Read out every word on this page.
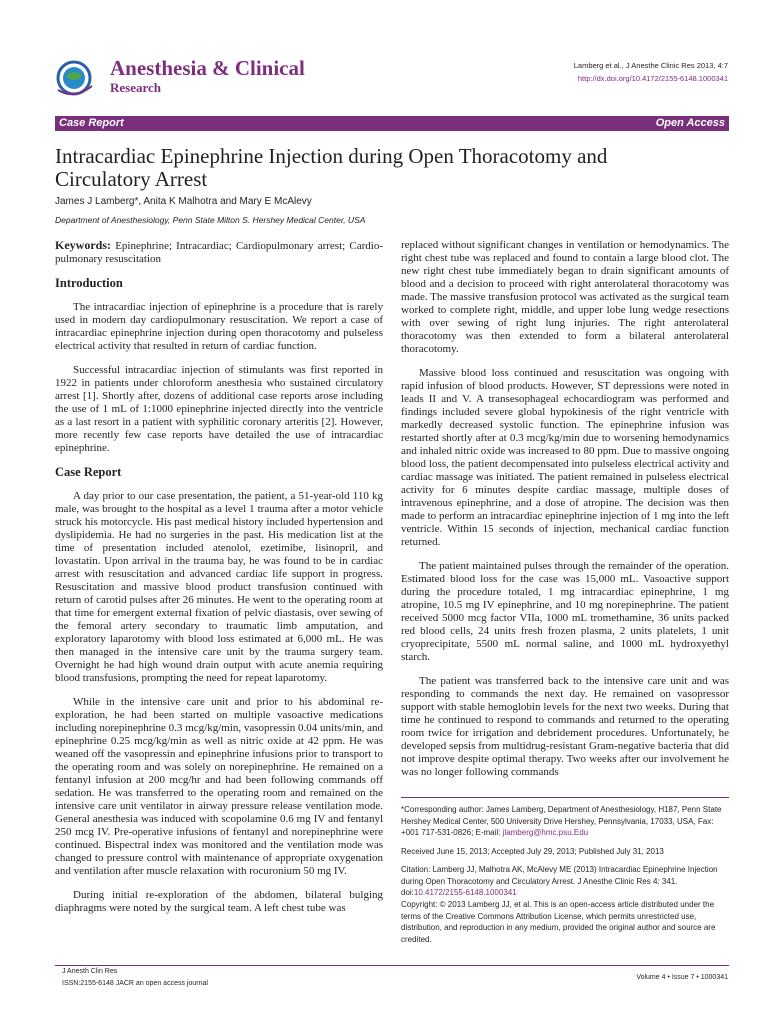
Anesthesia & Clinical
Research
Lamberg et al., J Anesthe Clinic Res 2013, 4:7
http://dx.doi.org/10.4172/2155-6148.1000341
Case Report	Open Access
Intracardiac Epinephrine Injection during Open Thoracotomy and Circulatory Arrest
James J Lamberg*, Anita K Malhotra and Mary E McAlevy
Department of Anesthesiology, Penn State Milton S. Hershey Medical Center, USA

Keywords: Epinephrine; Intracardiac; Cardiopulmonary arrest; Cardio-pulmonary resuscitation

Introduction

The intracardiac injection of epinephrine is a procedure that is rarely used in modern day cardiopulmonary resuscitation. We report a case of intracardiac epinephrine injection during open thoracotomy and pulseless electrical activity that resulted in return of cardiac function.

Successful intracardiac injection of stimulants was first reported in 1922 in patients under chloroform anesthesia who sustained circulatory arrest [1]. Shortly after, dozens of additional case reports arose including the use of 1 mL of 1:1000 epinephrine injected directly into the ventricle as a last resort in a patient with syphilitic coronary arteritis [2]. However, more recently few case reports have detailed the use of intracardiac epinephrine.

Case Report

A day prior to our case presentation, the patient, a 51-year-old 110 kg male, was brought to the hospital as a level 1 trauma after a motor vehicle struck his motorcycle. His past medical history included hypertension and dyslipidemia. He had no surgeries in the past. His medication list at the time of presentation included atenolol, ezetimibe, lisinopril, and lovastatin. Upon arrival in the trauma bay, he was found to be in cardiac arrest with resuscitation and advanced cardiac life support in progress. Resuscitation and massive blood product transfusion continued with return of carotid pulses after 26 minutes. He went to the operating room at that time for emergent external fixation of pelvic diastasis, over sewing of the femoral artery secondary to traumatic limb amputation, and exploratory laparotomy with blood loss estimated at 6,000 mL. He was then managed in the intensive care unit by the trauma surgery team. Overnight he had high wound drain output with acute anemia requiring blood transfusions, prompting the need for repeat laparotomy.

While in the intensive care unit and prior to his abdominal re-exploration, he had been started on multiple vasoactive medications including norepinephrine 0.3 mcg/kg/min, vasopressin 0.04 units/min, and epinephrine 0.25 mcg/kg/min as well as nitric oxide at 42 ppm. He was weaned off the vasopressin and epinephrine infusions prior to transport to the operating room and was solely on norepinephrine. He remained on a fentanyl infusion at 200 mcg/hr and had been following commands off sedation. He was transferred to the operating room and remained on the intensive care unit ventilator in airway pressure release ventilation mode. General anesthesia was induced with scopolamine 0.6 mg IV and fentanyl 250 mcg IV. Pre-operative infusions of fentanyl and norepinephrine were continued. Bispectral index was monitored and the ventilation mode was changed to pressure control with maintenance of appropriate oxygenation and ventilation after muscle relaxation with rocuronium 50 mg IV.

During initial re-exploration of the abdomen, bilateral bulging diaphragms were noted by the surgical team. A left chest tube was

replaced without significant changes in ventilation or hemodynamics. The right chest tube was replaced and found to contain a large blood clot. The new right chest tube immediately began to drain significant amounts of blood and a decision to proceed with right anterolateral thoracotomy was made. The massive transfusion protocol was activated as the surgical team worked to complete right, middle, and upper lobe lung wedge resections with over sewing of right lung injuries. The right anterolateral thoracotomy was then extended to form a bilateral anterolateral thoracotomy.

Massive blood loss continued and resuscitation was ongoing with rapid infusion of blood products. However, ST depressions were noted in leads II and V. A transesophageal echocardiogram was performed and findings included severe global hypokinesis of the right ventricle with markedly decreased systolic function. The epinephrine infusion was restarted shortly after at 0.3 mcg/kg/min due to worsening hemodynamics and inhaled nitric oxide was increased to 80 ppm. Due to massive ongoing blood loss, the patient decompensated into pulseless electrical activity and cardiac massage was initiated. The patient remained in pulseless electrical activity for 6 minutes despite cardiac massage, multiple doses of intravenous epinephrine, and a dose of atropine. The decision was then made to perform an intracardiac epinephrine injection of 1 mg into the left ventricle. Within 15 seconds of injection, mechanical cardiac function returned.

The patient maintained pulses through the remainder of the operation. Estimated blood loss for the case was 15,000 mL. Vasoactive support during the procedure totaled, 1 mg intracardiac epinephrine, 1 mg atropine, 10.5 mg IV epinephrine, and 10 mg norepinephrine. The patient received 5000 mcg factor VIIa, 1000 mL tromethamine, 36 units packed red blood cells, 24 units fresh frozen plasma, 2 units platelets, 1 unit cryoprecipitate, 5500 mL normal saline, and 1000 mL hydroxyethyl starch.

The patient was transferred back to the intensive care unit and was responding to commands the next day. He remained on vasopressor support with stable hemoglobin levels for the next two weeks. During that time he continued to respond to commands and returned to the operating room twice for irrigation and debridement procedures. Unfortunately, he developed sepsis from multidrug-resistant Gram-negative bacteria that did not improve despite optimal therapy. Two weeks after our involvement he was no longer following commands

*Corresponding author: James Lamberg, Department of Anesthesiology, H187, Penn State Hershey Medical Center, 500 University Drive Hershey, Pennsylvania, 17033, USA, Fax: +001 717-531-0826; E-mail: jlamberg@hmc.psu.Edu
Received June 15, 2013; Accepted July 29, 2013; Published July 31, 2013
Citation: Lamberg JJ, Malhotra AK, McAlevy ME (2013) Intracardiac Epinephrine Injection during Open Thoracotomy and Circulatory Arrest. J Anesthe Clinic Res 4: 341. doi:10.4172/2155-6148.1000341
Copyright: © 2013 Lamberg JJ, et al. This is an open-access article distributed under the terms of the Creative Commons Attribution License, which permits unrestricted use, distribution, and reproduction in any medium, provided the original author and source are credited.
J Anesth Clin Res
ISSN:2155-6148 JACR an open access journal
Volume 4 • Issue 7 • 1000341
